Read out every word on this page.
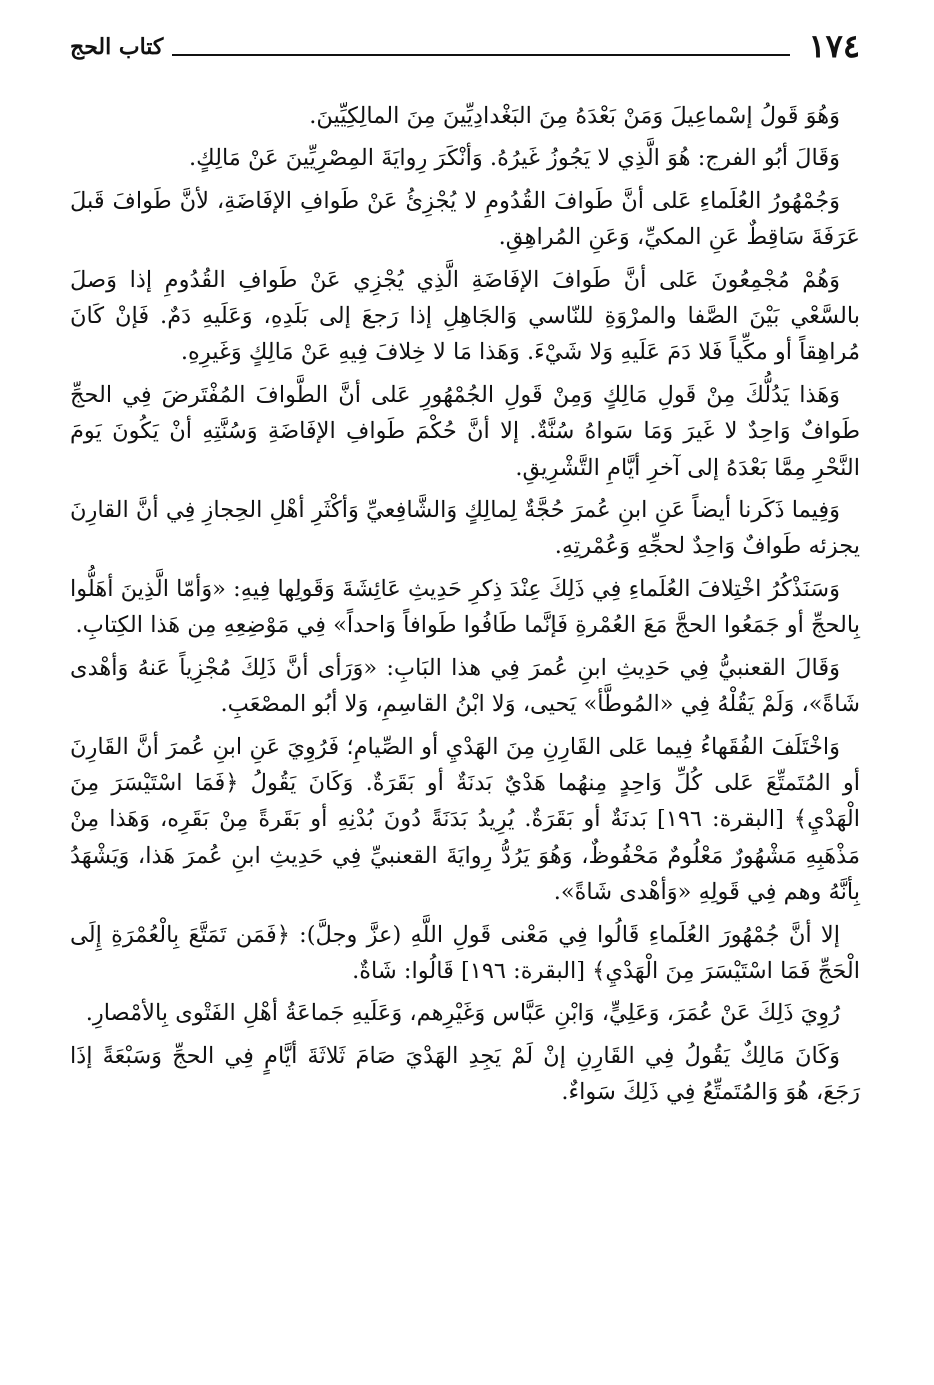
١٧٤
كتاب الحج

وَهُوَ قَولُ إسْماعِيلَ وَمَنْ بَعْدَهُ مِنَ البَغْدادِيِّينَ مِنَ المالِكِيِّينَ.

وَقَالَ أبُو الفرج: هُوَ الَّذِي لا يَجُوزُ غَيرُهُ. وَأنْكَرَ رِوايَةَ المِصْرِيِّينَ عَنْ مَالِكٍ.

وَجُمْهُورُ العُلَماءِ عَلى أنَّ طَوافَ القُدُومِ لا يُجْزِئُ عَنْ طَوافِ الإفَاضَةِ، لأنَّ طَوافَ قَبلَ عَرَفَةَ سَاقِطٌ عَنِ المكيِّ، وَعَنِ المُراهِقِ.

وَهُمْ مُجْمِعُونَ عَلى أنَّ طَوافَ الإفَاضَةِ الَّذِي يُجْزِي عَنْ طَوافِ القُدُومِ إذا وَصلَ بالسَّعْي بَيْنَ الصَّفا والمرْوَةِ للنّاسي وَالجَاهِلِ إذا رَجعَ إلى بَلَدِهِ، وَعَلَيهِ دَمٌ. فَإنْ كَانَ مُراهِقاً أو مكِّياً فَلا دَمَ عَلَيهِ وَلا شَيْءَ. وَهَذا مَا لا خِلافَ فِيهِ عَنْ مَالِكٍ وَغَيرِهِ.

وَهَذا يَدُلُّكَ مِنْ قَولِ مَالِكٍ وَمِنْ قَولِ الجُمْهُورِ عَلى أنَّ الطَّوافَ المُفْتَرضَ فِي الحجِّ طَوافٌ وَاحِدٌ لا غَيرَ وَمَا سَواهُ سُنَّةٌ. إلا أنَّ حُكْمَ طَوافِ الإفَاضَةِ وَسُنَّتِهِ أنْ يَكُونَ يَومَ النَّحْرِ مِمَّا بَعْدَهُ إلى آخرِ أيَّامِ التَّشْرِيقِ.

وَفِيما ذَكَرنا أيضاً عَنِ ابنِ عُمرَ حُجَّةٌ لِمالِكٍ وَالشَّافِعيِّ وَأكْثَرِ أهْلِ الحِجازِ فِي أنَّ القارِنَ يجزئه طَوافٌ وَاحِدٌ لحجِّهِ وَعُمْرتِهِ.

وَسَنَذْكُرُ اخْتِلافَ العُلَماءِ فِي ذَلِكَ عِنْدَ ذِكرِ حَدِيثِ عَائِشَةَ وَقَولِها فِيهِ: «وَأمّا الَّذِينَ أهَلُّوا بِالحجِّ أو جَمَعُوا الحجَّ مَعَ العُمْرةِ فَإنَّما طَافُوا طَوافاً وَاحداً» فِي مَوْضِعِهِ مِن هَذا الكِتابِ.

وَقَالَ القعنبيُّ فِي حَدِيثِ ابنِ عُمرَ فِي هذا البَابِ: «وَرَأى أنَّ ذَلِكَ مُجْزِياً عَنهُ وَأهْدى شَاةً»، وَلَمْ يَقُلْهُ فِي «المُوطَّأ» يَحيى، وَلا ابْنُ القاسِمِ، وَلا أبُو المصْعَبِ.

وَاخْتَلَفَ الفُقَهاءُ فِيما عَلى القَارِنِ مِنَ الهَدْيِ أو الصِّيامِ؛ فَرُوِيَ عَنِ ابنِ عُمرَ أنَّ القَارِنَ أو المُتَمتِّعَ عَلى كُلِّ وَاحِدٍ مِنهُما هَدْيٌ بَدنَةٌ أو بَقَرَةٌ. وَكَانَ يَقُولُ ﴿فَمَا اسْتَيْسَرَ مِنَ الْهَدْيِ﴾ [البقرة: ١٩٦] بَدنَةٌ أو بَقَرَةٌ. يُرِيدُ بَدَنَةً دُونَ بُدْنِهِ أو بَقَرةً مِنْ بَقَرِه، وَهَذا مِنْ مَذْهَبِهِ مَشْهُورٌ مَعْلُومٌ مَحْفُوظٌ، وَهُوَ يَرُدُّ رِوايَةَ القعنبيِّ فِي حَدِيثِ ابنِ عُمرَ هَذا، وَيَشْهَدُ بِأنَّهُ وهم فِي قَولِهِ «وَأهْدى شَاةً».

إلا أنَّ جُمْهُورَ العُلَماءِ قَالُوا فِي مَعْنى قَولِ اللَّهِ (عزَّ وجلَّ): ﴿فَمَن تَمَتَّعَ بِالْعُمْرَةِ إِلَى الْحَجِّ فَمَا اسْتَيْسَرَ مِنَ الْهَدْيِ﴾ [البقرة: ١٩٦] قَالُوا: شَاةٌ.

رُوِيَ ذَلِكَ عَنْ عُمَرَ، وَعَلِيٍّ، وَابْنِ عَبَّاس وَغَيْرِهم، وَعَلَيهِ جَماعَةُ أهْلِ الفَتْوى بِالأمْصارِ.

وَكَانَ مَالِكٌ يَقُولُ فِي القَارِنِ إنْ لَمْ يَجِدِ الهَدْيَ صَامَ ثَلاثَةَ أيَّامٍ فِي الحجِّ وَسَبْعَةً إذَا رَجَعَ، هُوَ وَالمُتَمتِّعُ فِي ذَلِكَ سَواءٌ.
